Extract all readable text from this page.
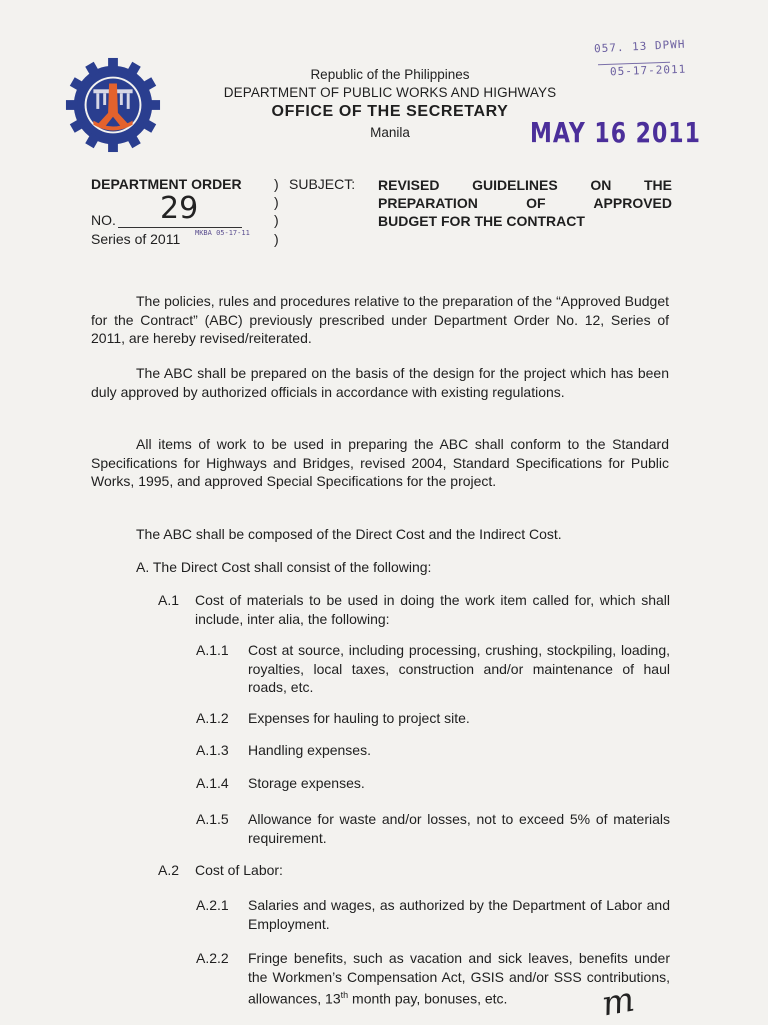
Republic of the Philippines
DEPARTMENT OF PUBLIC WORKS AND HIGHWAYS
OFFICE OF THE SECRETARY
Manila
057. 13 DPWH
05-17-2011
MAY 16 2011
DEPARTMENT ORDER )
)
)
)
SUBJECT: REVISED GUIDELINES ON THE
PREPARATION OF APPROVED
BUDGET FOR THE CONTRACT
NO. 29
Series of 2011 MKBA 05-17-11
The policies, rules and procedures relative to the preparation of the “Approved Budget for the Contract” (ABC) previously prescribed under Department Order No. 12, Series of 2011, are hereby revised/reiterated.
The ABC shall be prepared on the basis of the design for the project which has been duly approved by authorized officials in accordance with existing regulations.
All items of work to be used in preparing the ABC shall conform to the Standard Specifications for Highways and Bridges, revised 2004, Standard Specifications for Public Works, 1995, and approved Special Specifications for the project.
The ABC shall be composed of the Direct Cost and the Indirect Cost.
A. The Direct Cost shall consist of the following:
A.1 Cost of materials to be used in doing the work item called for, which shall include, inter alia, the following:
A.1.1 Cost at source, including processing, crushing, stockpiling, loading, royalties, local taxes, construction and/or maintenance of haul roads, etc.
A.1.2 Expenses for hauling to project site.
A.1.3 Handling expenses.
A.1.4 Storage expenses.
A.1.5 Allowance for waste and/or losses, not to exceed 5% of materials requirement.
A.2 Cost of Labor:
A.2.1 Salaries and wages, as authorized by the Department of Labor and Employment.
A.2.2 Fringe benefits, such as vacation and sick leaves, benefits under the Workmen’s Compensation Act, GSIS and/or SSS contributions, allowances, 13th month pay, bonuses, etc.	m
